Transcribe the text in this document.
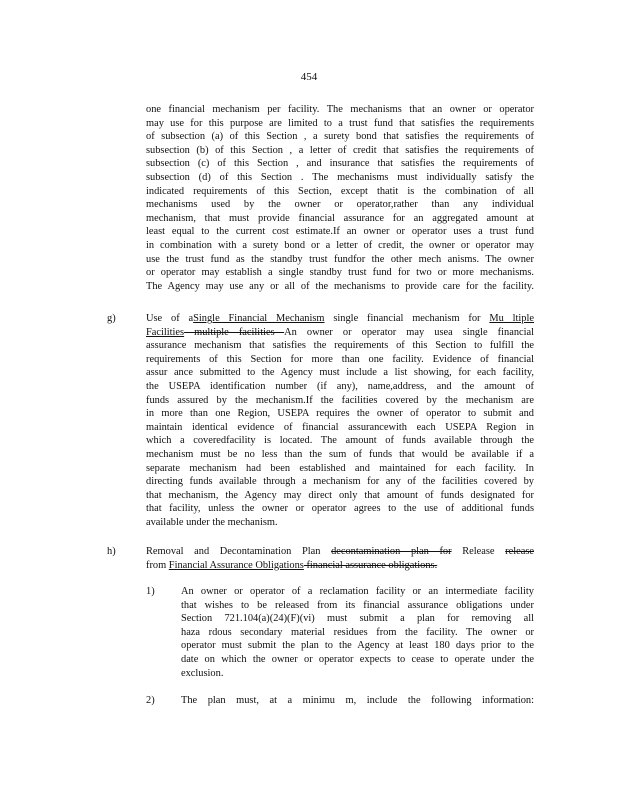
454
one financial mechanism per facility. The mechanisms that an owner or operator
may use for this purpose are limited to a trust fund that satisfies the requirements
of subsection (a) of this Section , a surety bond that satisfies the requirements of
subsection (b) of this Section , a letter of credit that satisfies the requirements of
subsection (c) of this Section , and insurance that satisfies the requirements of
subsection (d) of this Section . The mechanisms must individually satisfy the
indicated requirements of this Section, except thatit is the combination of all
mechanisms used by the owner or operator,rather than any individual
mechanism, that must provide financial assurance for an aggregated amount at
least equal to the current cost estimate.If an owner or operator uses a trust fund
in combination with a surety bond or a letter of credit, the owner or operator may
use the trust fund as the standby trust fundfor the other mech anisms. The owner
or operator may establish a single standby trust fund for two or more mechanisms.
The Agency may use any or all of the mechanisms to provide care for the facility.
g)	Use of aSingle Financial Mechanism single financial mechanism for Mu ltiple
Facilities multiple facilities An owner or operator may usea single financial
assurance mechanism that satisfies the requirements of this Section to fulfill the
requirements of this Section for more than one facility. Evidence of financial
assur ance submitted to the Agency must include a list showing, for each facility,
the USEPA identification number (if any), name,address, and the amount of
funds assured by the mechanism.If the facilities covered by the mechanism are
in more than one Region, USEPA requires the owner of operator to submit and
maintain identical evidence of financial assurancewith each USEPA Region in
which a coveredfacility is located. The amount of funds available through the
mechanism must be no less than the sum of funds that would be available if a
separate mechanism had been established and maintained for each facility. In
directing funds available through a mechanism for any of the facilities covered by
that mechanism, the Agency may direct only that amount of funds designated for
that facility, unless the owner or operator agrees to the use of additional funds
available under the mechanism.
h)	Removal and Decontamination Plan decontamination plan for Release release
from Financial Assurance Obligations financial assurance obligations.
1)	An owner or operator of a reclamation facility or an intermediate facility
that wishes to be released from its financial assurance obligations under
Section 721.104(a)(24)(F)(vi) must submit a plan for removing all
haza rdous secondary material residues from the facility. The owner or
operator must submit the plan to the Agency at least 180 days prior to the
date on which the owner or operator expects to cease to operate under the
exclusion.
2)	The plan must, at a minimu m, include the following information:
